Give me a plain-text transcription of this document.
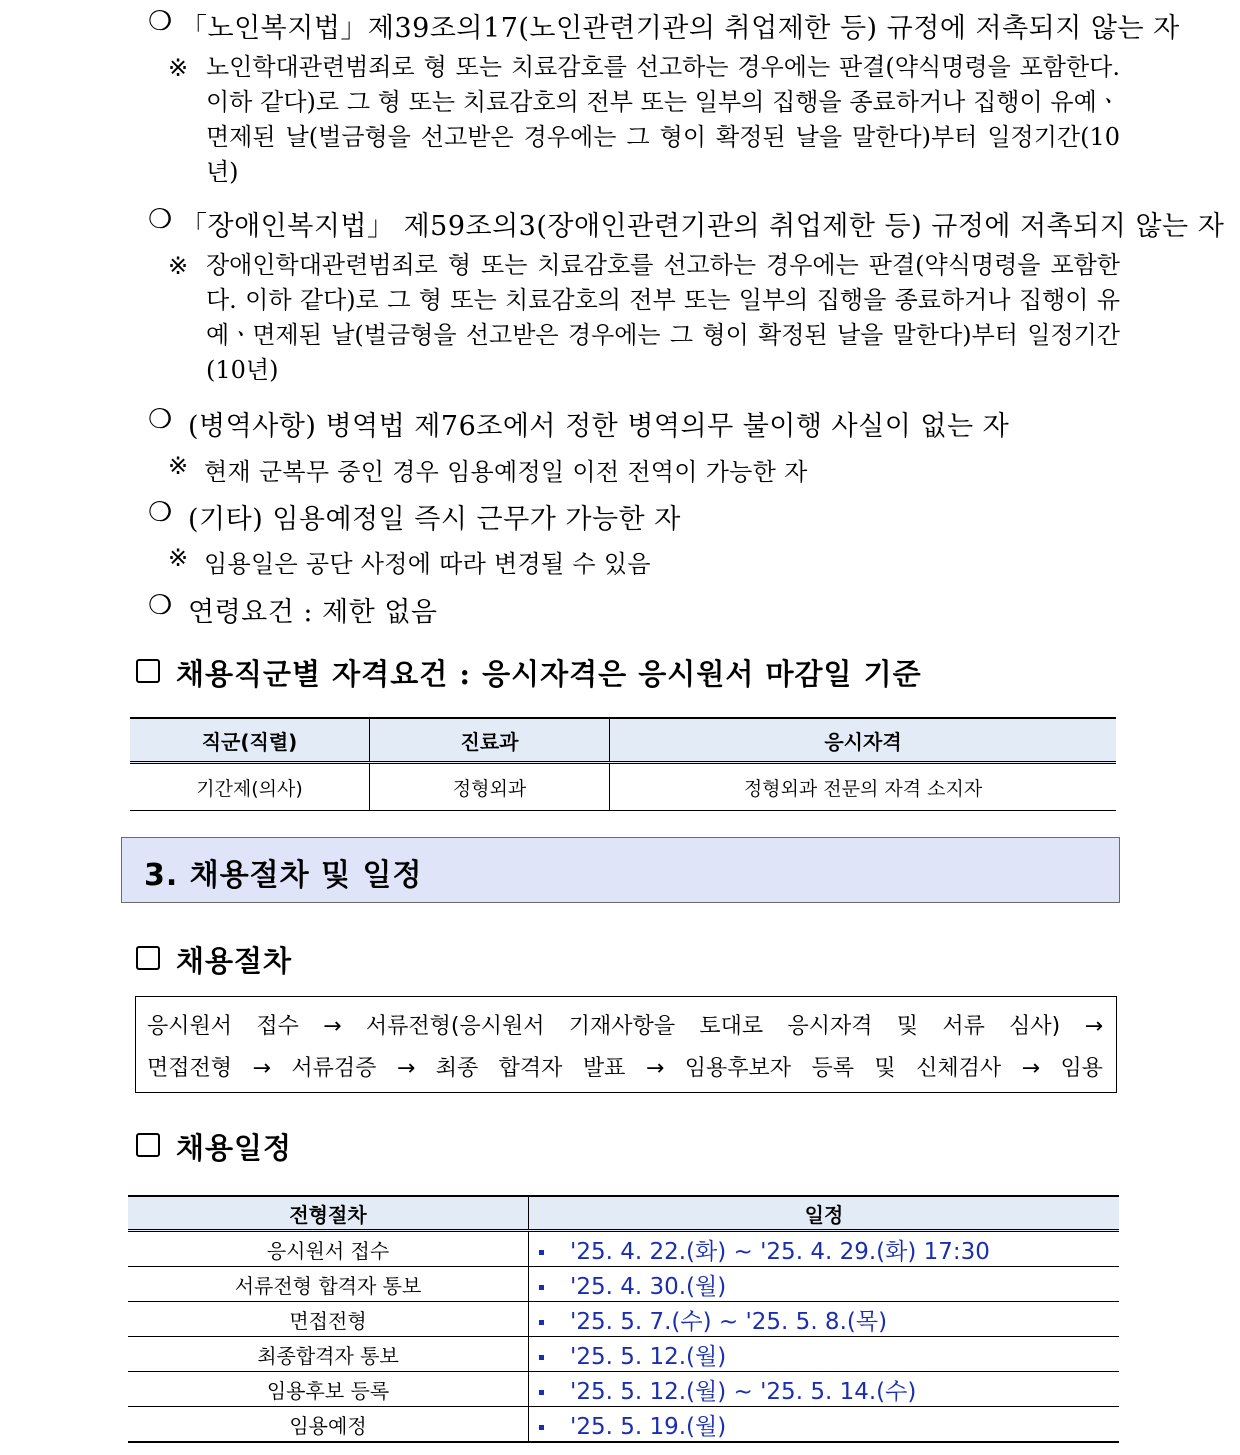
❍ 「노인복지법」제39조의17(노인관련기관의 취업제한 등) 규정에 저촉되지 않는 자
※ 노인학대관련범죄로 형 또는 치료감호를 선고하는 경우에는 판결(약식명령을 포함한다. 이하 같다)로 그 형 또는 치료감호의 전부 또는 일부의 집행을 종료하거나 집행이 유예ㆍ면제된 날(벌금형을 선고받은 경우에는 그 형이 확정된 날을 말한다)부터 일정기간(10년)
❍ 「장애인복지법」 제59조의3(장애인관련기관의 취업제한 등) 규정에 저촉되지 않는 자
※ 장애인학대관련범죄로 형 또는 치료감호를 선고하는 경우에는 판결(약식명령을 포함한다. 이하 같다)로 그 형 또는 치료감호의 전부 또는 일부의 집행을 종료하거나 집행이 유예ㆍ면제된 날(벌금형을 선고받은 경우에는 그 형이 확정된 날을 말한다)부터 일정기간(10년)
❍ (병역사항) 병역법 제76조에서 정한 병역의무 불이행 사실이 없는 자
※ 현재 군복무 중인 경우 임용예정일 이전 전역이 가능한 자
❍ (기타) 임용예정일 즉시 근무가 가능한 자
※ 임용일은 공단 사정에 따라 변경될 수 있음
❍ 연령요건 : 제한 없음
채용직군별 자격요건 : 응시자격은 응시원서 마감일 기준
직군(직렬)	진료과	응시자격
기간제(의사)	정형외과	정형외과 전문의 자격 소지자
3. 채용절차 및 일정
채용절차
응시원서 접수 → 서류전형(응시원서 기재사항을 토대로 응시자격 및 서류 심사) →
면접전형 → 서류검증 → 최종 합격자 발표 → 임용후보자 등록 및 신체검사 → 임용
채용일정
전형절차	일정
응시원서 접수	'25. 4. 22.(화) ~ '25. 4. 29.(화) 17:30
서류전형 합격자 통보	'25. 4. 30.(월)
면접전형	'25. 5. 7.(수) ~ '25. 5. 8.(목)
최종합격자 통보	'25. 5. 12.(월)
임용후보 등록	'25. 5. 12.(월) ~ '25. 5. 14.(수)
임용예정	'25. 5. 19.(월)
